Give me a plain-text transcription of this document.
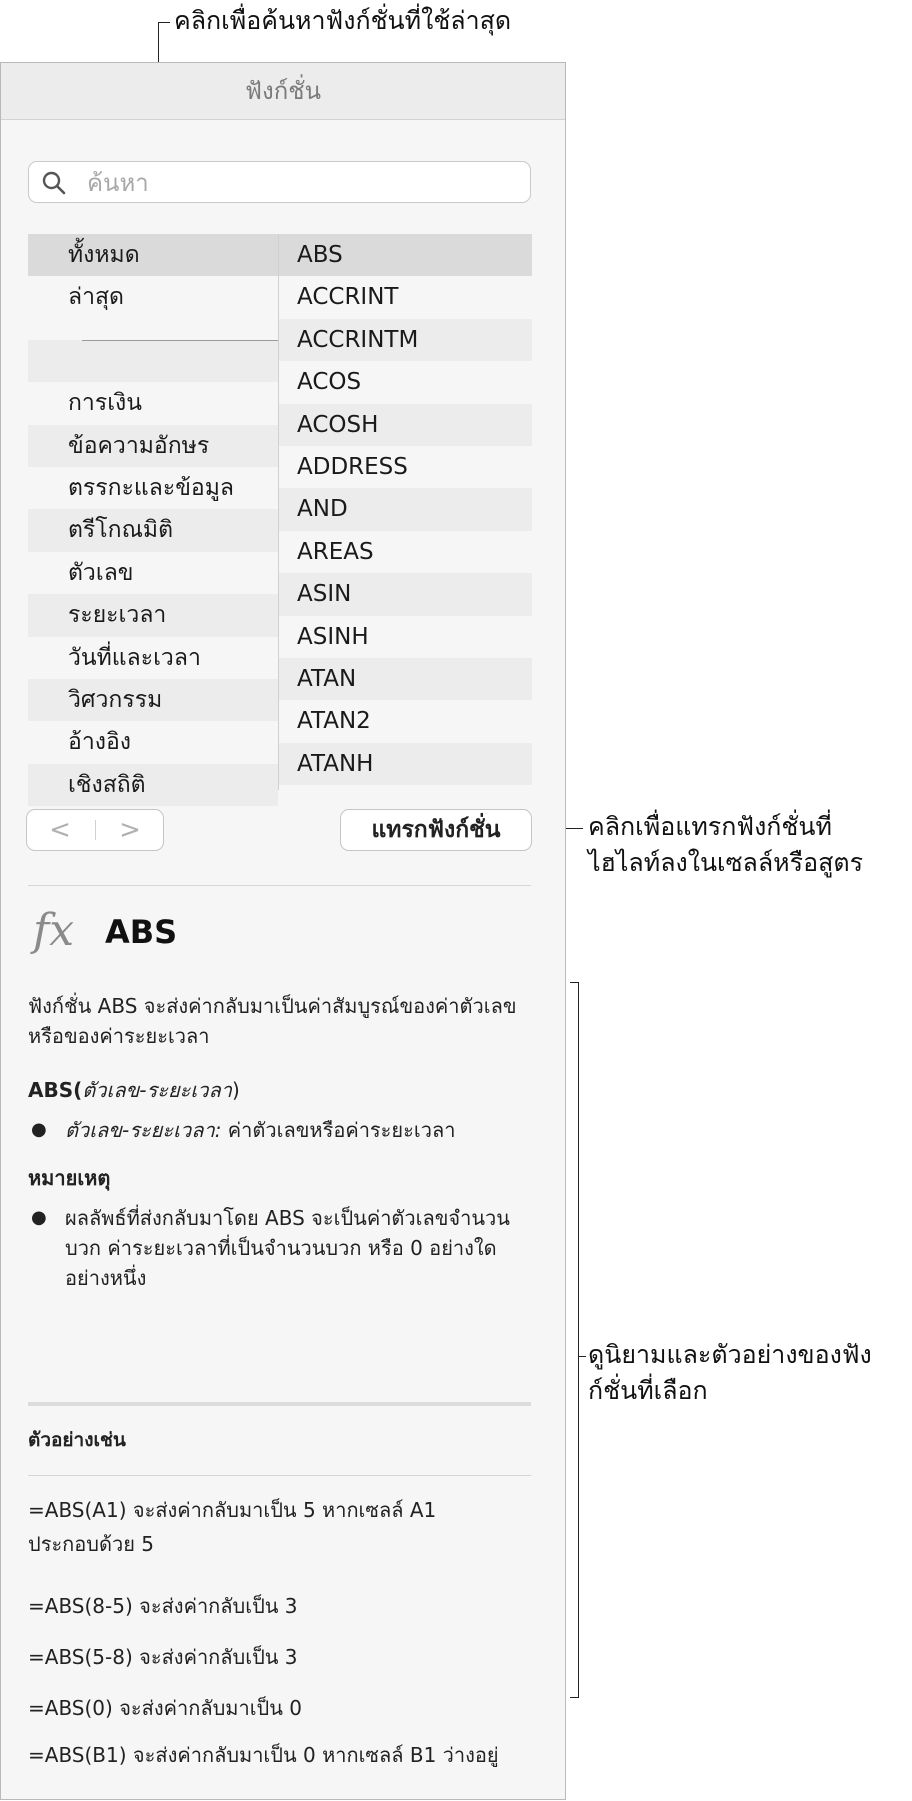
คลิกเพื่อค้นหาฟังก์ชั่นที่ใช้ล่าสุด
คลิกเพื่อแทรกฟังก์ชั่นที่
ไฮไลท์ลงในเซลล์หรือสูตร
ดูนิยามและตัวอย่างของฟัง
ก์ชั่นที่เลือก
ฟังก์ชั่น
ค้นหา
ทั้งหมด
ล่าสุด
การเงิน
ข้อความอักษร
ตรรกะและข้อมูล
ตรีโกณมิติ
ตัวเลข
ระยะเวลา
วันที่และเวลา
วิศวกรรม
อ้างอิง
เชิงสถิติ
ABS
ACCRINT
ACCRINTM
ACOS
ACOSH
ADDRESS
AND
AREAS
ASIN
ASINH
ATAN
ATAN2
ATANH
<	>	แทรกฟังก์ชั่น
fx ABS
ฟังก์ชั่น ABS จะส่งค่ากลับมาเป็นค่าสัมบูรณ์ของค่าตัวเลขหรือของค่าระยะเวลา
ABS(ตัวเลข-ระยะเวลา)
● ตัวเลข-ระยะเวลา: ค่าตัวเลขหรือค่าระยะเวลา
หมายเหตุ
● ผลลัพธ์ที่ส่งกลับมาโดย ABS จะเป็นค่าตัวเลขจำนวนบวก ค่าระยะเวลาที่เป็นจำนวนบวก หรือ 0 อย่างใดอย่างหนึ่ง
ตัวอย่างเช่น
=ABS(A1) จะส่งค่ากลับมาเป็น 5 หากเซลล์ A1 ประกอบด้วย 5
=ABS(8-5) จะส่งค่ากลับเป็น 3
=ABS(5-8) จะส่งค่ากลับเป็น 3
=ABS(0) จะส่งค่ากลับมาเป็น 0
=ABS(B1) จะส่งค่ากลับมาเป็น 0 หากเซลล์ B1 ว่างอยู่
